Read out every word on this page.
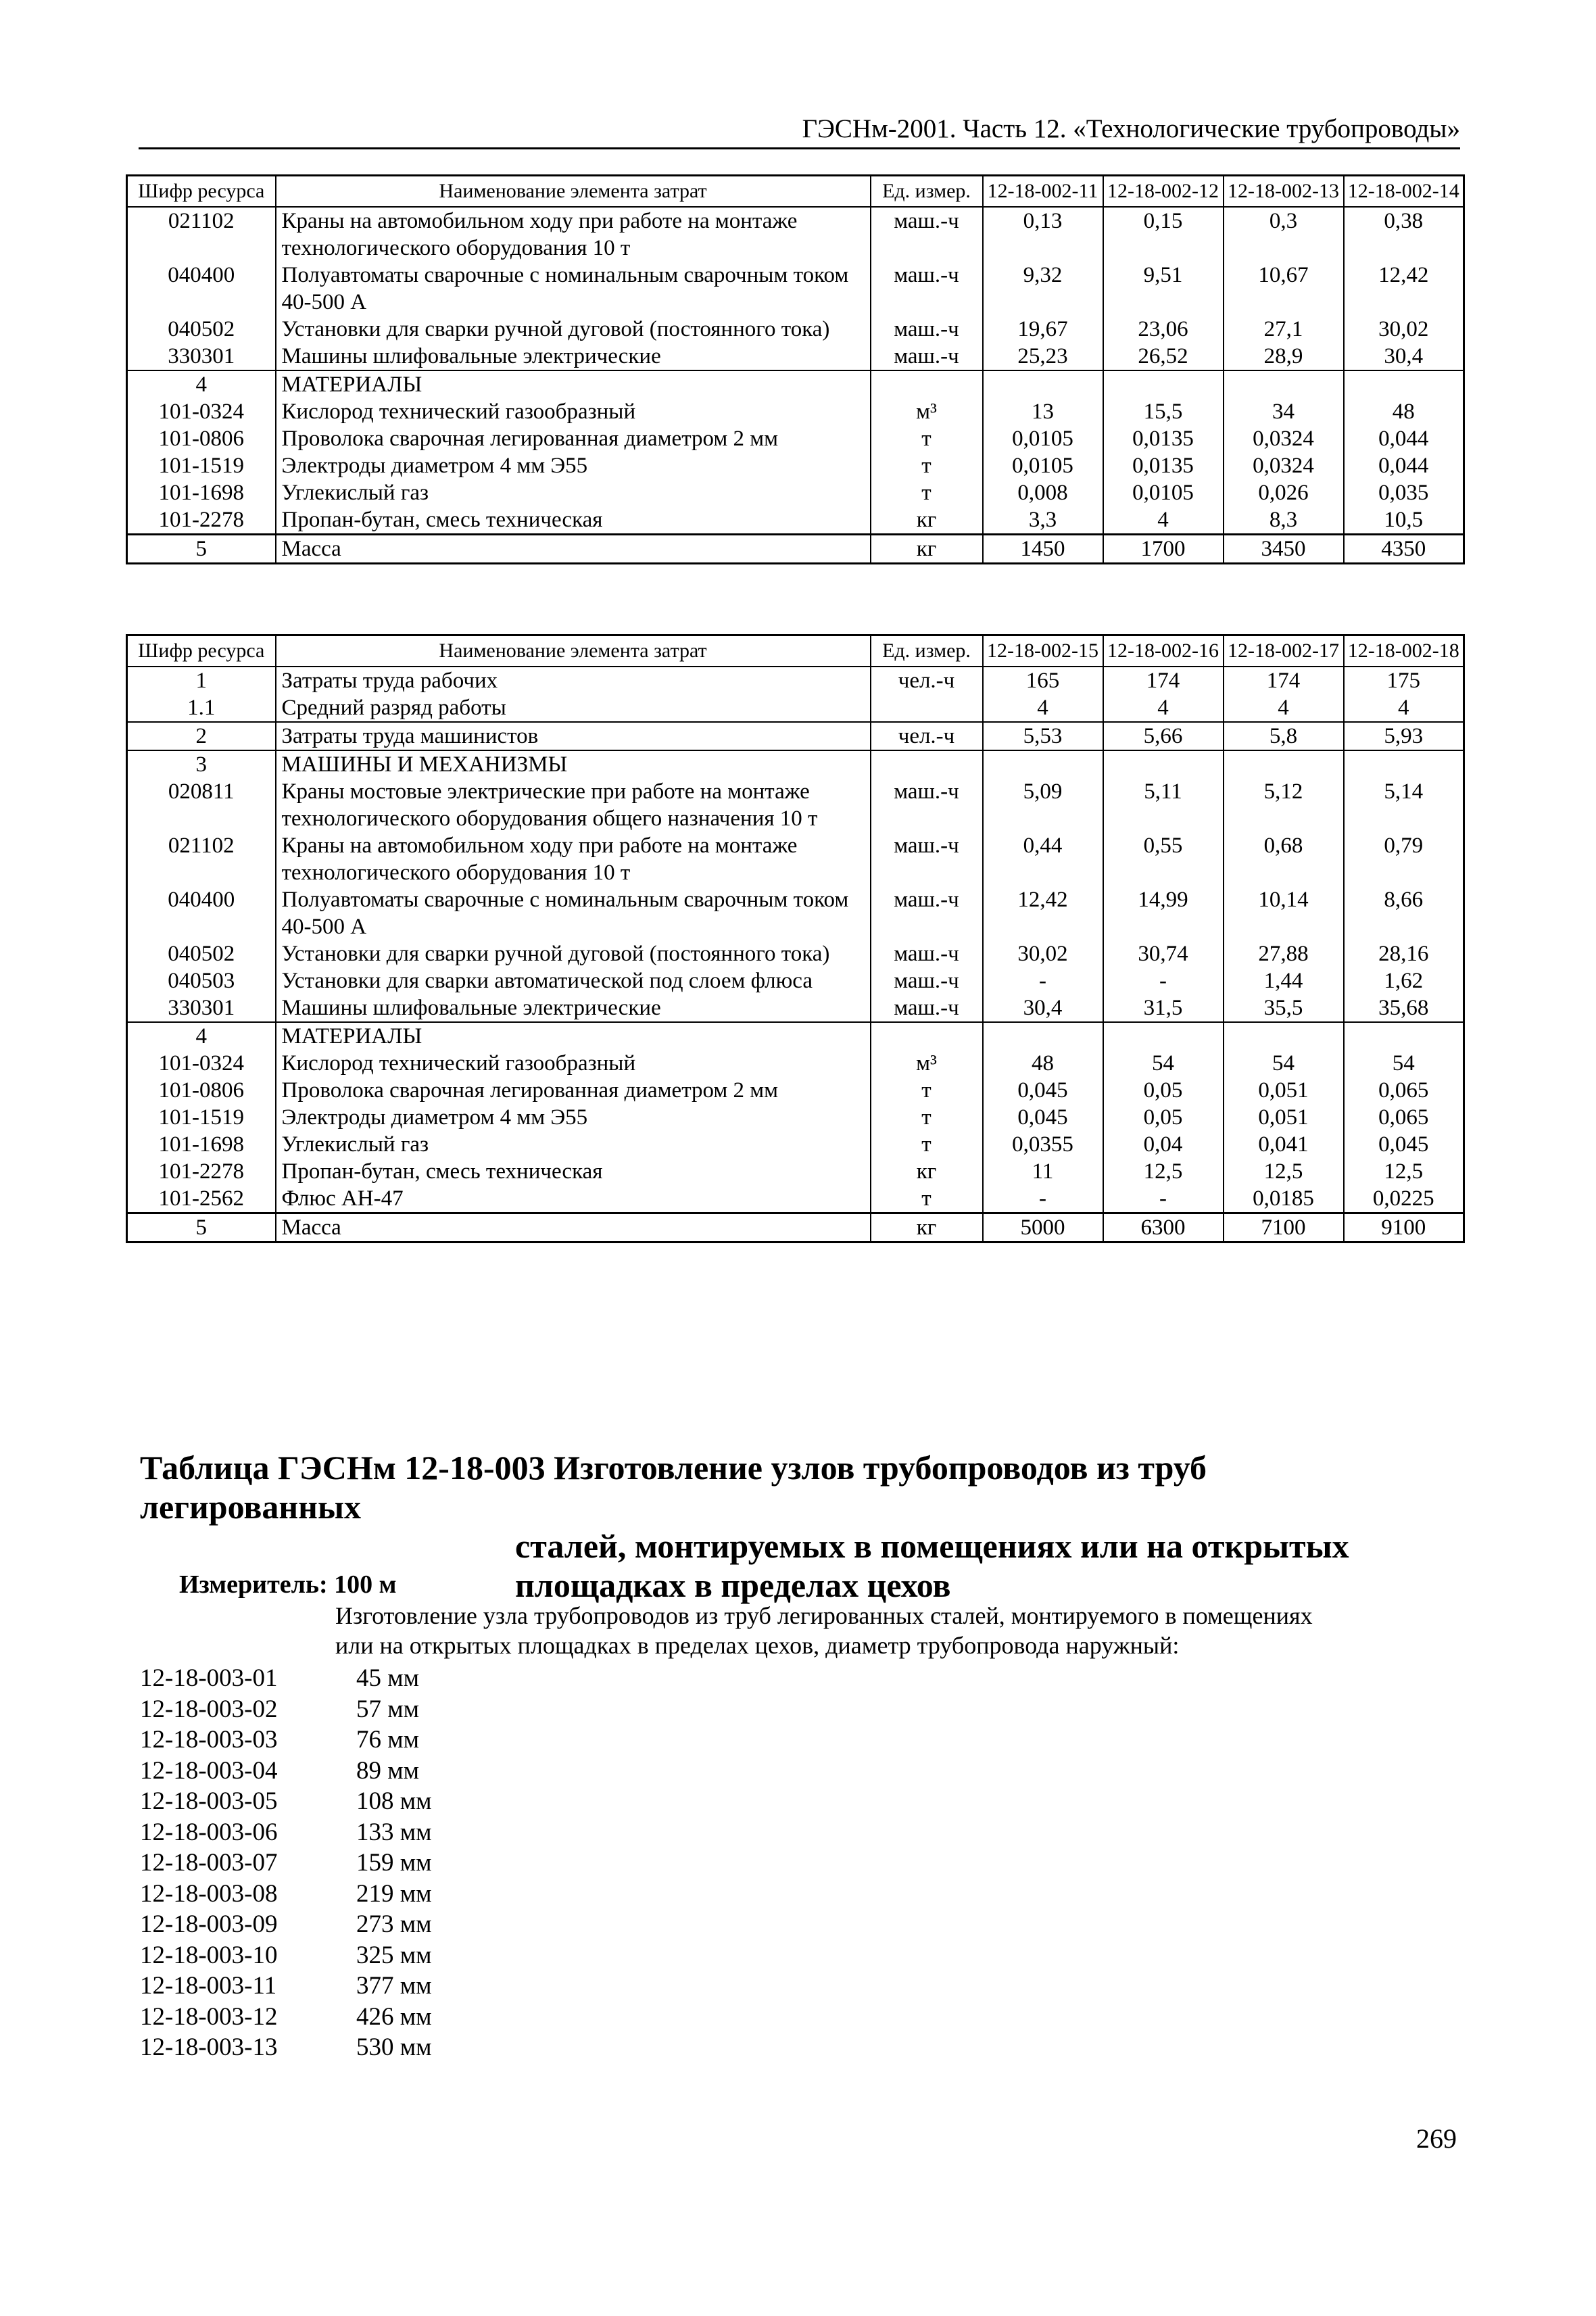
ГЭСНм-2001. Часть 12. «Технологические трубопроводы»
Шифр ресурса	Наименование элемента затрат	Ед. измер.	12-18-002-11	12-18-002-12	12-18-002-13	12-18-002-14
021102	Краны на автомобильном ходу при работе на монтаже технологического оборудования 10 т	маш.-ч	0,13	0,15	0,3	0,38
040400	Полуавтоматы сварочные с номинальным сварочным током 40-500 А	маш.-ч	9,32	9,51	10,67	12,42
040502	Установки для сварки ручной дуговой (постоянного тока)	маш.-ч	19,67	23,06	27,1	30,02
330301	Машины шлифовальные электрические	маш.-ч	25,23	26,52	28,9	30,4
4	МАТЕРИАЛЫ					
101-0324	Кислород технический газообразный	м³	13	15,5	34	48
101-0806	Проволока сварочная легированная диаметром 2 мм	т	0,0105	0,0135	0,0324	0,044
101-1519	Электроды диаметром 4 мм Э55	т	0,0105	0,0135	0,0324	0,044
101-1698	Углекислый газ	т	0,008	0,0105	0,026	0,035
101-2278	Пропан-бутан, смесь техническая	кг	3,3	4	8,3	10,5
5	Масса	кг	1450	1700	3450	4350
Шифр ресурса	Наименование элемента затрат	Ед. измер.	12-18-002-15	12-18-002-16	12-18-002-17	12-18-002-18
1	Затраты труда рабочих	чел.-ч	165	174	174	175
1.1	Средний разряд работы		4	4	4	4
2	Затраты труда машинистов	чел.-ч	5,53	5,66	5,8	5,93
3	МАШИНЫ И МЕХАНИЗМЫ					
020811	Краны мостовые электрические при работе на монтаже технологического оборудования общего назначения 10 т	маш.-ч	5,09	5,11	5,12	5,14
021102	Краны на автомобильном ходу при работе на монтаже технологического оборудования 10 т	маш.-ч	0,44	0,55	0,68	0,79
040400	Полуавтоматы сварочные с номинальным сварочным током 40-500 А	маш.-ч	12,42	14,99	10,14	8,66
040502	Установки для сварки ручной дуговой (постоянного тока)	маш.-ч	30,02	30,74	27,88	28,16
040503	Установки для сварки автоматической под слоем флюса	маш.-ч	-	-	1,44	1,62
330301	Машины шлифовальные электрические	маш.-ч	30,4	31,5	35,5	35,68
4	МАТЕРИАЛЫ					
101-0324	Кислород технический газообразный	м³	48	54	54	54
101-0806	Проволока сварочная легированная диаметром 2 мм	т	0,045	0,05	0,051	0,065
101-1519	Электроды диаметром 4 мм Э55	т	0,045	0,05	0,051	0,065
101-1698	Углекислый газ	т	0,0355	0,04	0,041	0,045
101-2278	Пропан-бутан, смесь техническая	кг	11	12,5	12,5	12,5
101-2562	Флюс АН-47	т	-	-	0,0185	0,0225
5	Масса	кг	5000	6300	7100	9100
Таблица ГЭСНм 12-18-003 Изготовление узлов трубопроводов из труб легированных
сталей, монтируемых в помещениях или на открытых
площадках в пределах цехов
Измеритель: 100 м
Изготовление узла трубопроводов из труб легированных сталей, монтируемого в помещениях
или на открытых площадках в пределах цехов, диаметр трубопровода наружный:
12-18-003-01	45 мм
12-18-003-02	57 мм
12-18-003-03	76 мм
12-18-003-04	89 мм
12-18-003-05	108 мм
12-18-003-06	133 мм
12-18-003-07	159 мм
12-18-003-08	219 мм
12-18-003-09	273 мм
12-18-003-10	325 мм
12-18-003-11	377 мм
12-18-003-12	426 мм
12-18-003-13	530 мм
269
